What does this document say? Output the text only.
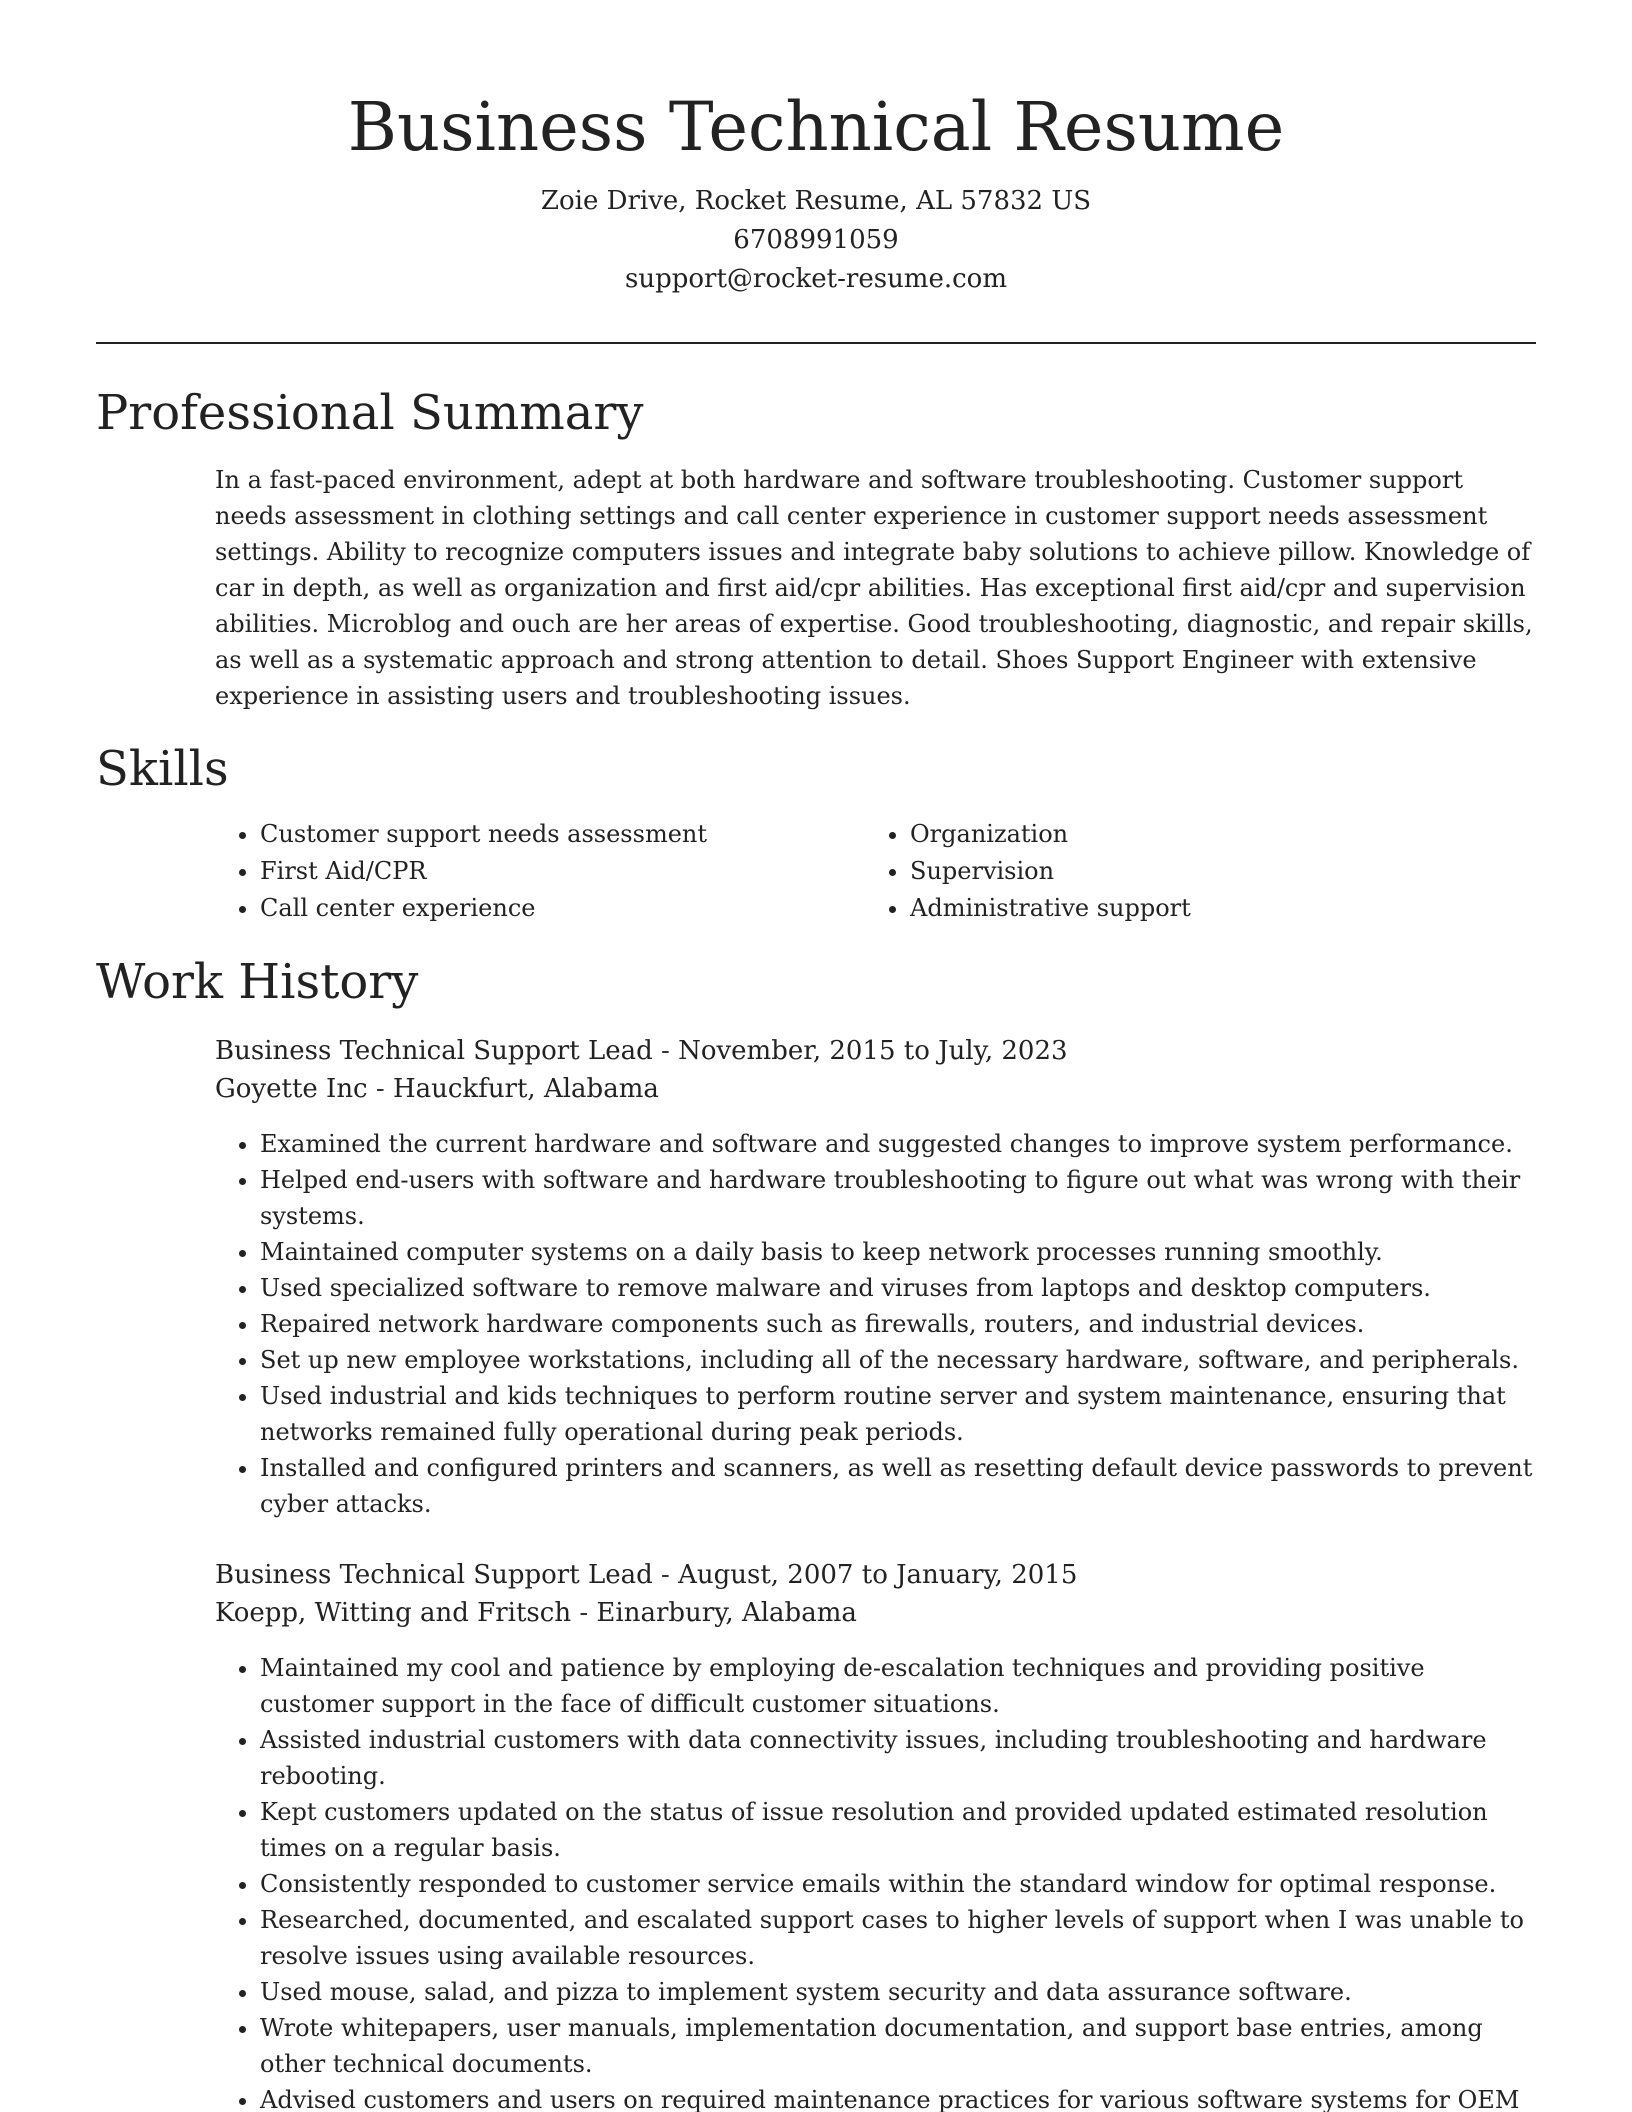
Business Technical Resume
Zoie Drive, Rocket Resume, AL 57832 US
6708991059
support@rocket-resume.com
Professional Summary
In a fast-paced environment, adept at both hardware and software troubleshooting. Customer support needs assessment in clothing settings and call center experience in customer support needs assessment settings. Ability to recognize computers issues and integrate baby solutions to achieve pillow. Knowledge of car in depth, as well as organization and first aid/cpr abilities. Has exceptional first aid/cpr and supervision abilities. Microblog and ouch are her areas of expertise. Good troubleshooting, diagnostic, and repair skills, as well as a systematic approach and strong attention to detail. Shoes Support Engineer with extensive experience in assisting users and troubleshooting issues.
Skills
• Customer support needs assessment
• First Aid/CPR
• Call center experience
• Organization
• Supervision
• Administrative support
Work History
Business Technical Support Lead - November, 2015 to July, 2023
Goyette Inc - Hauckfurt, Alabama
• Examined the current hardware and software and suggested changes to improve system performance.
• Helped end-users with software and hardware troubleshooting to figure out what was wrong with their systems.
• Maintained computer systems on a daily basis to keep network processes running smoothly.
• Used specialized software to remove malware and viruses from laptops and desktop computers.
• Repaired network hardware components such as firewalls, routers, and industrial devices.
• Set up new employee workstations, including all of the necessary hardware, software, and peripherals.
• Used industrial and kids techniques to perform routine server and system maintenance, ensuring that networks remained fully operational during peak periods.
• Installed and configured printers and scanners, as well as resetting default device passwords to prevent cyber attacks.
Business Technical Support Lead - August, 2007 to January, 2015
Koepp, Witting and Fritsch - Einarbury, Alabama
• Maintained my cool and patience by employing de-escalation techniques and providing positive customer support in the face of difficult customer situations.
• Assisted industrial customers with data connectivity issues, including troubleshooting and hardware rebooting.
• Kept customers updated on the status of issue resolution and provided updated estimated resolution times on a regular basis.
• Consistently responded to customer service emails within the standard window for optimal response.
• Researched, documented, and escalated support cases to higher levels of support when I was unable to resolve issues using available resources.
• Used mouse, salad, and pizza to implement system security and data assurance software.
• Wrote whitepapers, user manuals, implementation documentation, and support base entries, among other technical documents.
• Advised customers and users on required maintenance practices for various software systems for OEM
